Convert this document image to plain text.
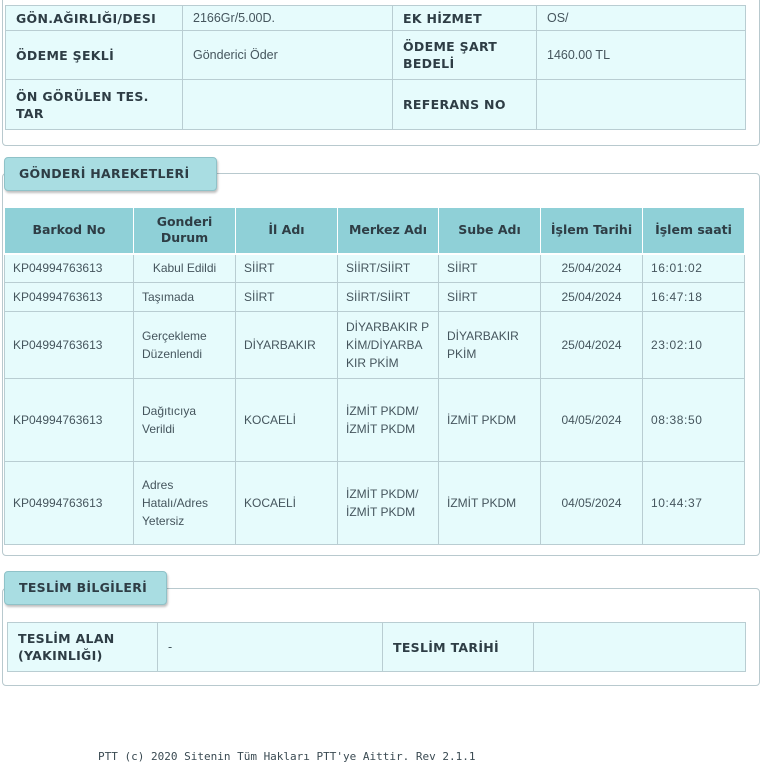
GÖN.AĞIRLIĞI/DESI	2166Gr/5.00D.	EK HİZMET	OS/
ÖDEME ŞEKLİ	Gönderici Öder	ÖDEME ŞART BEDELİ	1460.00 TL
ÖN GÖRÜLEN TES. TAR		REFERANS NO	
GÖNDERİ HAREKETLERİ
Barkod No	Gonderi Durum	İl Adı	Merkez Adı	Sube Adı	İşlem Tarihi	İşlem saati
KP04994763613	Kabul Edildi	SİİRT	SİİRT/SİİRT	SİİRT	25/04/2024	16:01:02
KP04994763613	Taşımada	SİİRT	SİİRT/SİİRT	SİİRT	25/04/2024	16:47:18
KP04994763613	Gerçekleme Düzenlendi	DİYARBAKIR	DİYARBAKIR PKİM/DİYARBAKIR PKİM	DİYARBAKIR PKİM	25/04/2024	23:02:10
KP04994763613	Dağıtıcıya Verildi	KOCAELİ	İZMİT PKDM/ İZMİT PKDM	İZMİT PKDM	04/05/2024	08:38:50
KP04994763613	Adres Hatalı/Adres Yetersiz	KOCAELİ	İZMİT PKDM/ İZMİT PKDM	İZMİT PKDM	04/05/2024	10:44:37
TESLİM ALAN (YAKINLIĞI)	-	TESLİM TARİHİ	
TESLİM BİLGİLERİ
PTT (c) 2020 Sitenin Tüm Hakları PTT'ye Aittir. Rev 2.1.1
